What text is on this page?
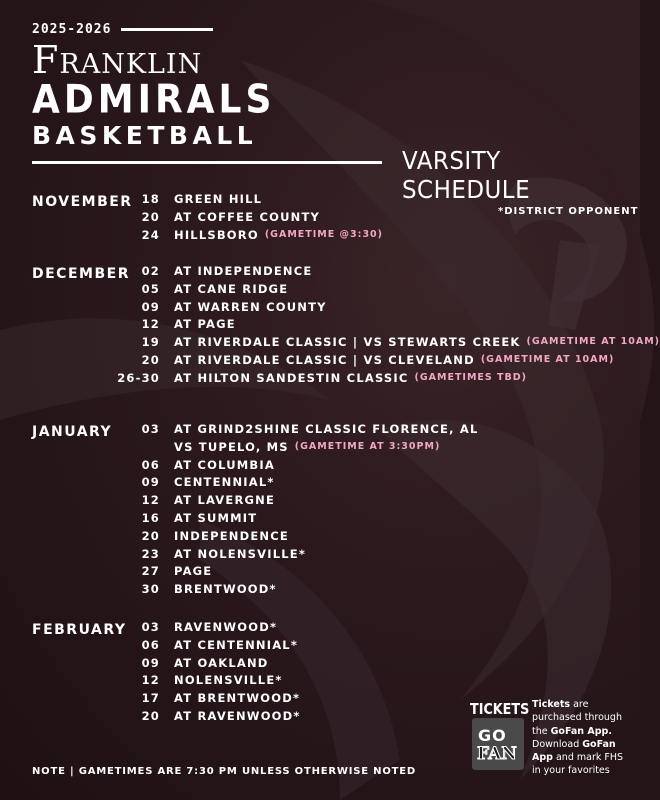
2025-2026
Franklin
ADMIRALS
BASKETBALL
VARSITY SCHEDULE
*DISTRICT OPPONENT
NOVEMBER 18	GREEN HILL
20	AT COFFEE COUNTY
24	HILLSBORO (GAMETIME @3:30)
DECEMBER	02	AT INDEPENDENCE
05	AT CANE RIDGE
09	AT WARREN COUNTY
12	AT PAGE
19	AT RIVERDALE CLASSIC | VS STEWARTS CREEK (GAMETIME AT 10AM)
20	AT RIVERDALE CLASSIC | VS CLEVELAND (GAMETIME AT 10AM)
26-30	AT HILTON SANDESTIN CLASSIC (GAMETIMES TBD)
JANUARY	03	AT GRIND2SHINE CLASSIC FLORENCE, AL
VS TUPELO, MS (GAMETIME AT 3:30PM)
06	AT COLUMBIA
09	CENTENNIAL*
12	AT LAVERGNE
16	AT SUMMIT
20	INDEPENDENCE
23	AT NOLENSVILLE*
27	PAGE
30	BRENTWOOD*
FEBRUARY	03	RAVENWOOD*
06	AT CENTENNIAL*
09	AT OAKLAND
12	NOLENSVILLE*
17	AT BRENTWOOD*
20	AT RAVENWOOD*
NOTE | GAMETIMES ARE 7:30 PM UNLESS OTHERWISE NOTED
TICKETS
GO
FAN
Tickets are purchased through the GoFan App. Download GoFan App and mark FHS in your favorites
